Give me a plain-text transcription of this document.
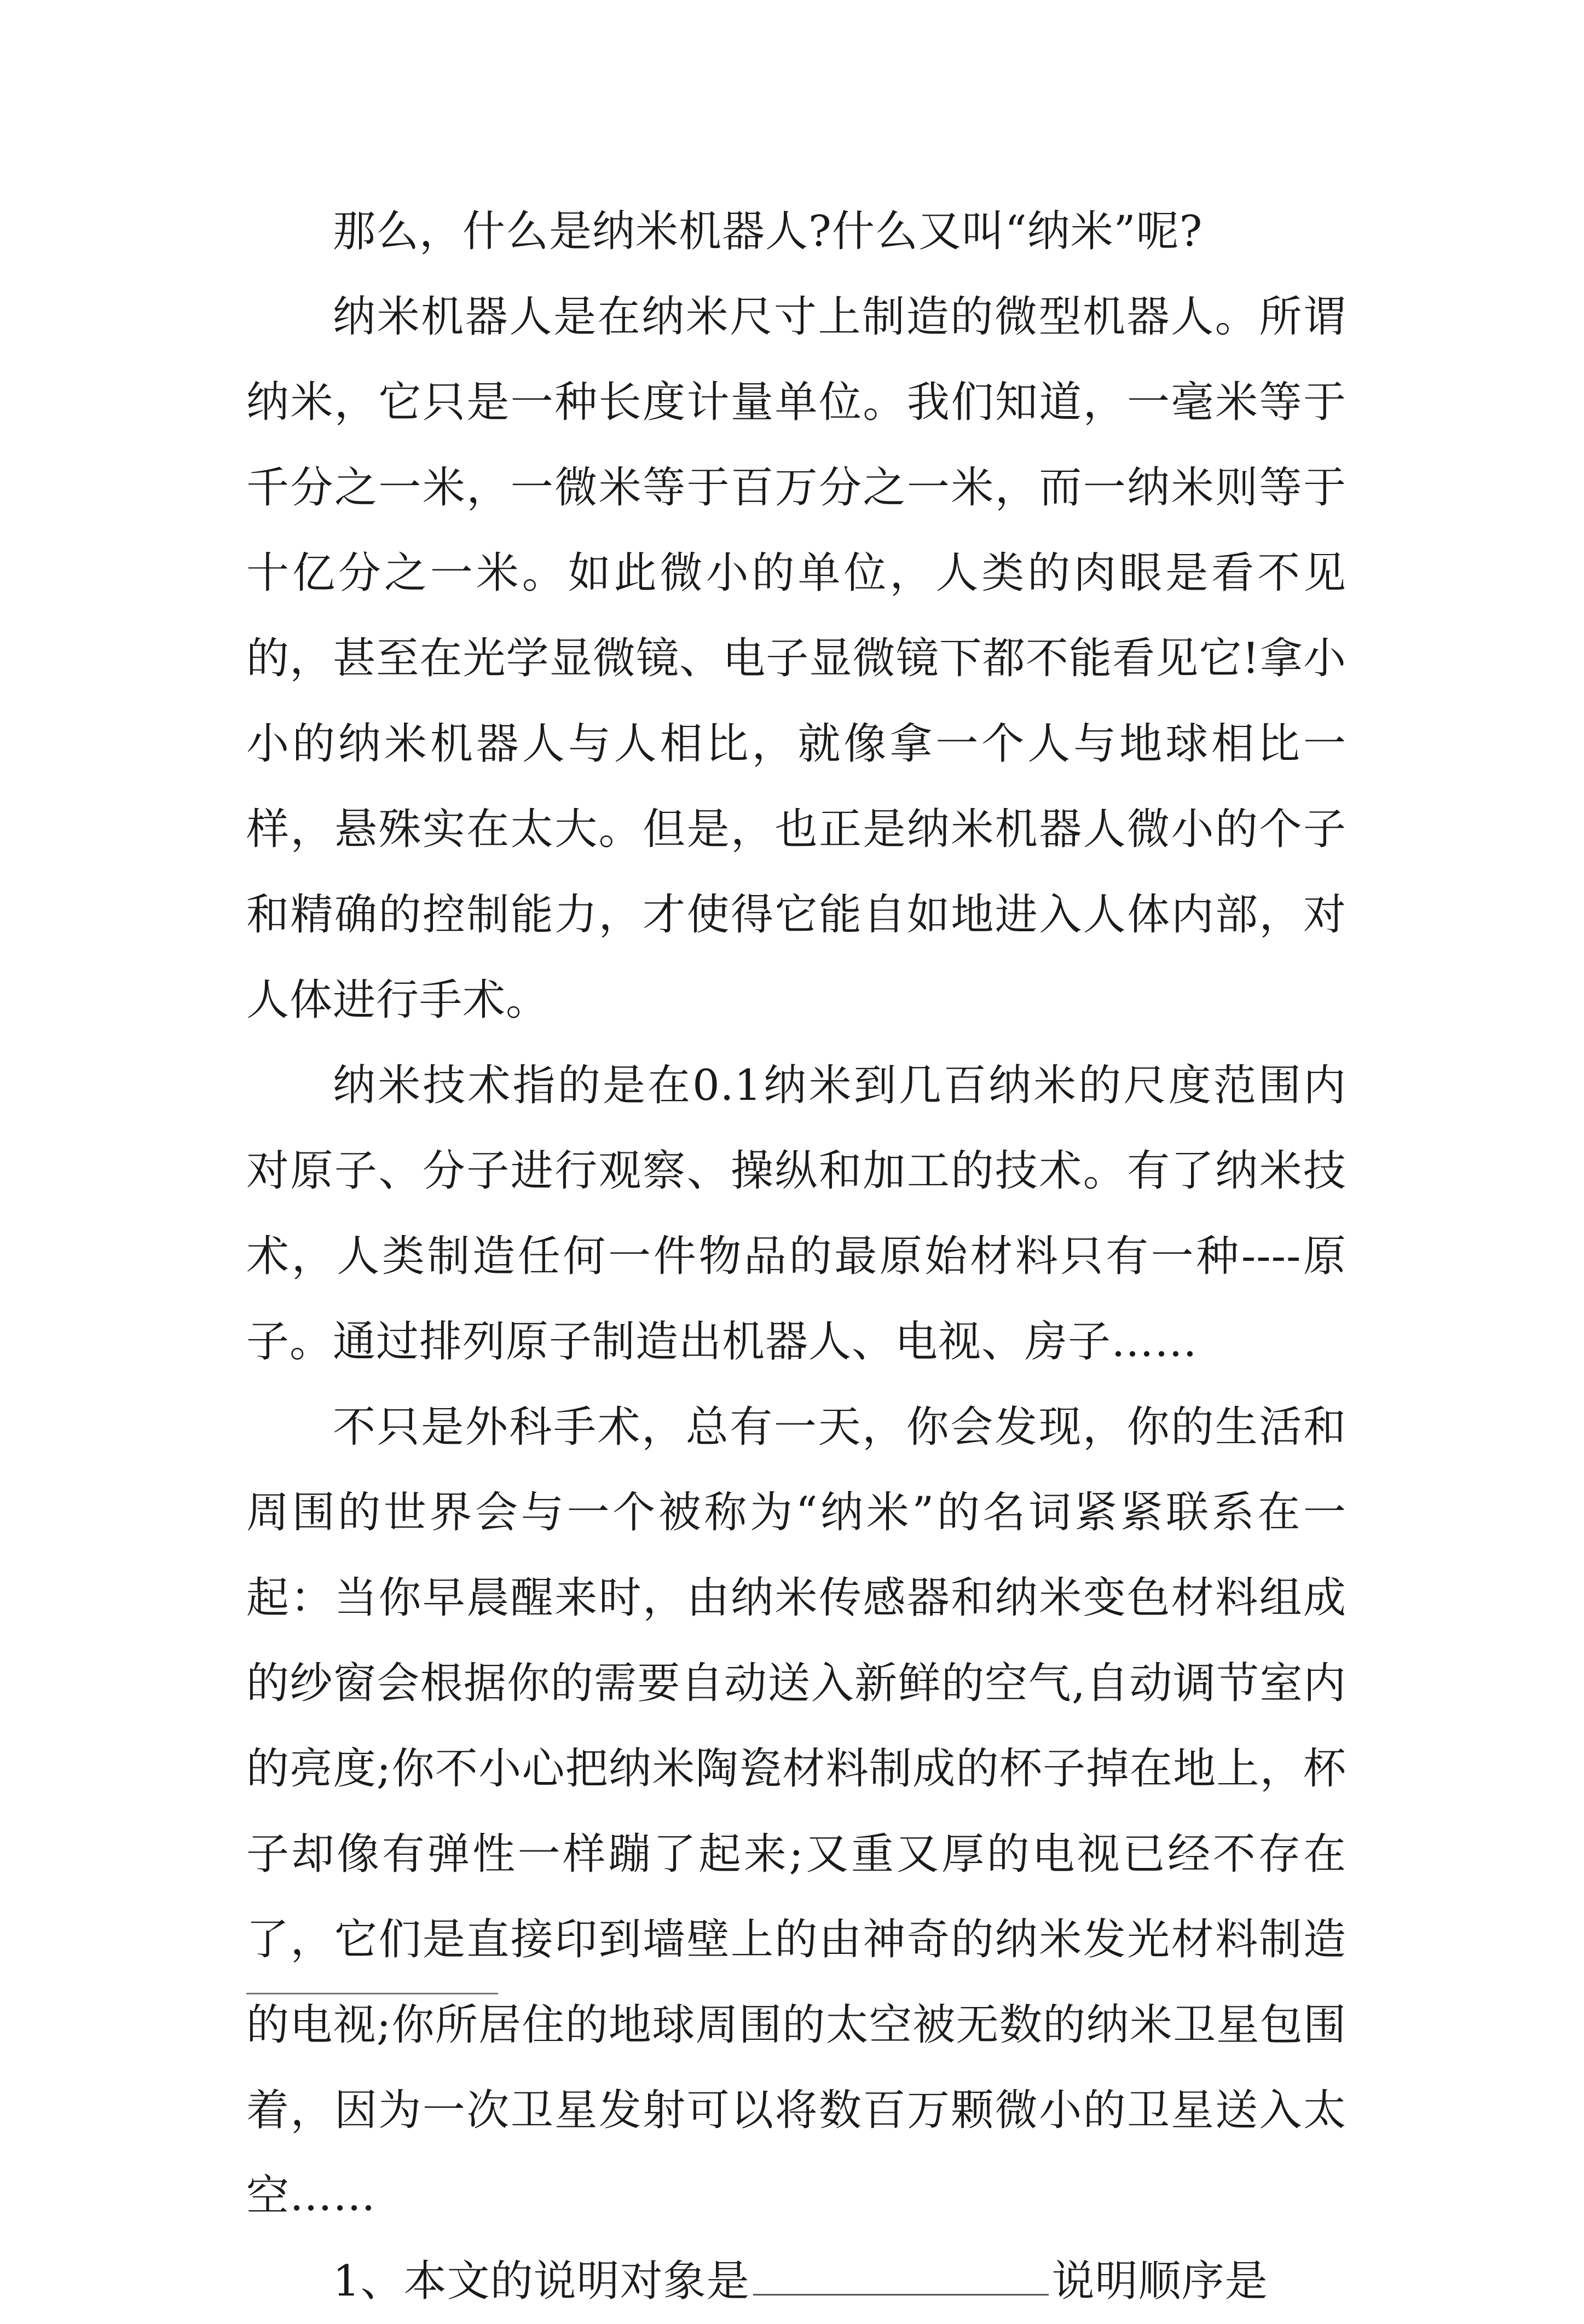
那么，什么是纳米机器人?什么又叫“纳米”呢?

纳米机器人是在纳米尺寸上制造的微型机器人。所谓纳米，它只是一种长度计量单位。我们知道，一毫米等于千分之一米，一微米等于百万分之一米，而一纳米则等于十亿分之一米。如此微小的单位，人类的肉眼是看不见的，甚至在光学显微镜、电子显微镜下都不能看见它!拿小小的纳米机器人与人相比，就像拿一个人与地球相比一样，悬殊实在太大。但是，也正是纳米机器人微小的个子和精确的控制能力，才使得它能自如地进入人体内部，对人体进行手术。

纳米技术指的是在0.1纳米到几百纳米的尺度范围内对原子、分子进行观察、操纵和加工的技术。有了纳米技术，人类制造任何一件物品的最原始材料只有一种----原子。通过排列原子制造出机器人、电视、房子……

不只是外科手术，总有一天，你会发现，你的生活和周围的世界会与一个被称为“纳米”的名词紧紧联系在一起：当你早晨醒来时，由纳米传感器和纳米变色材料组成的纱窗会根据你的需要自动送入新鲜的空气,自动调节室内的亮度;你不小心把纳米陶瓷材料制成的杯子掉在地上，杯子却像有弹性一样蹦了起来;又重又厚的电视已经不存在了，它们是直接印到墙壁上的由神奇的纳米发光材料制造的电视;你所居住的地球周围的太空被无数的纳米卫星包围着，因为一次卫星发射可以将数百万颗微小的卫星送入太空……

1、本文的说明对象是	说明顺序是
